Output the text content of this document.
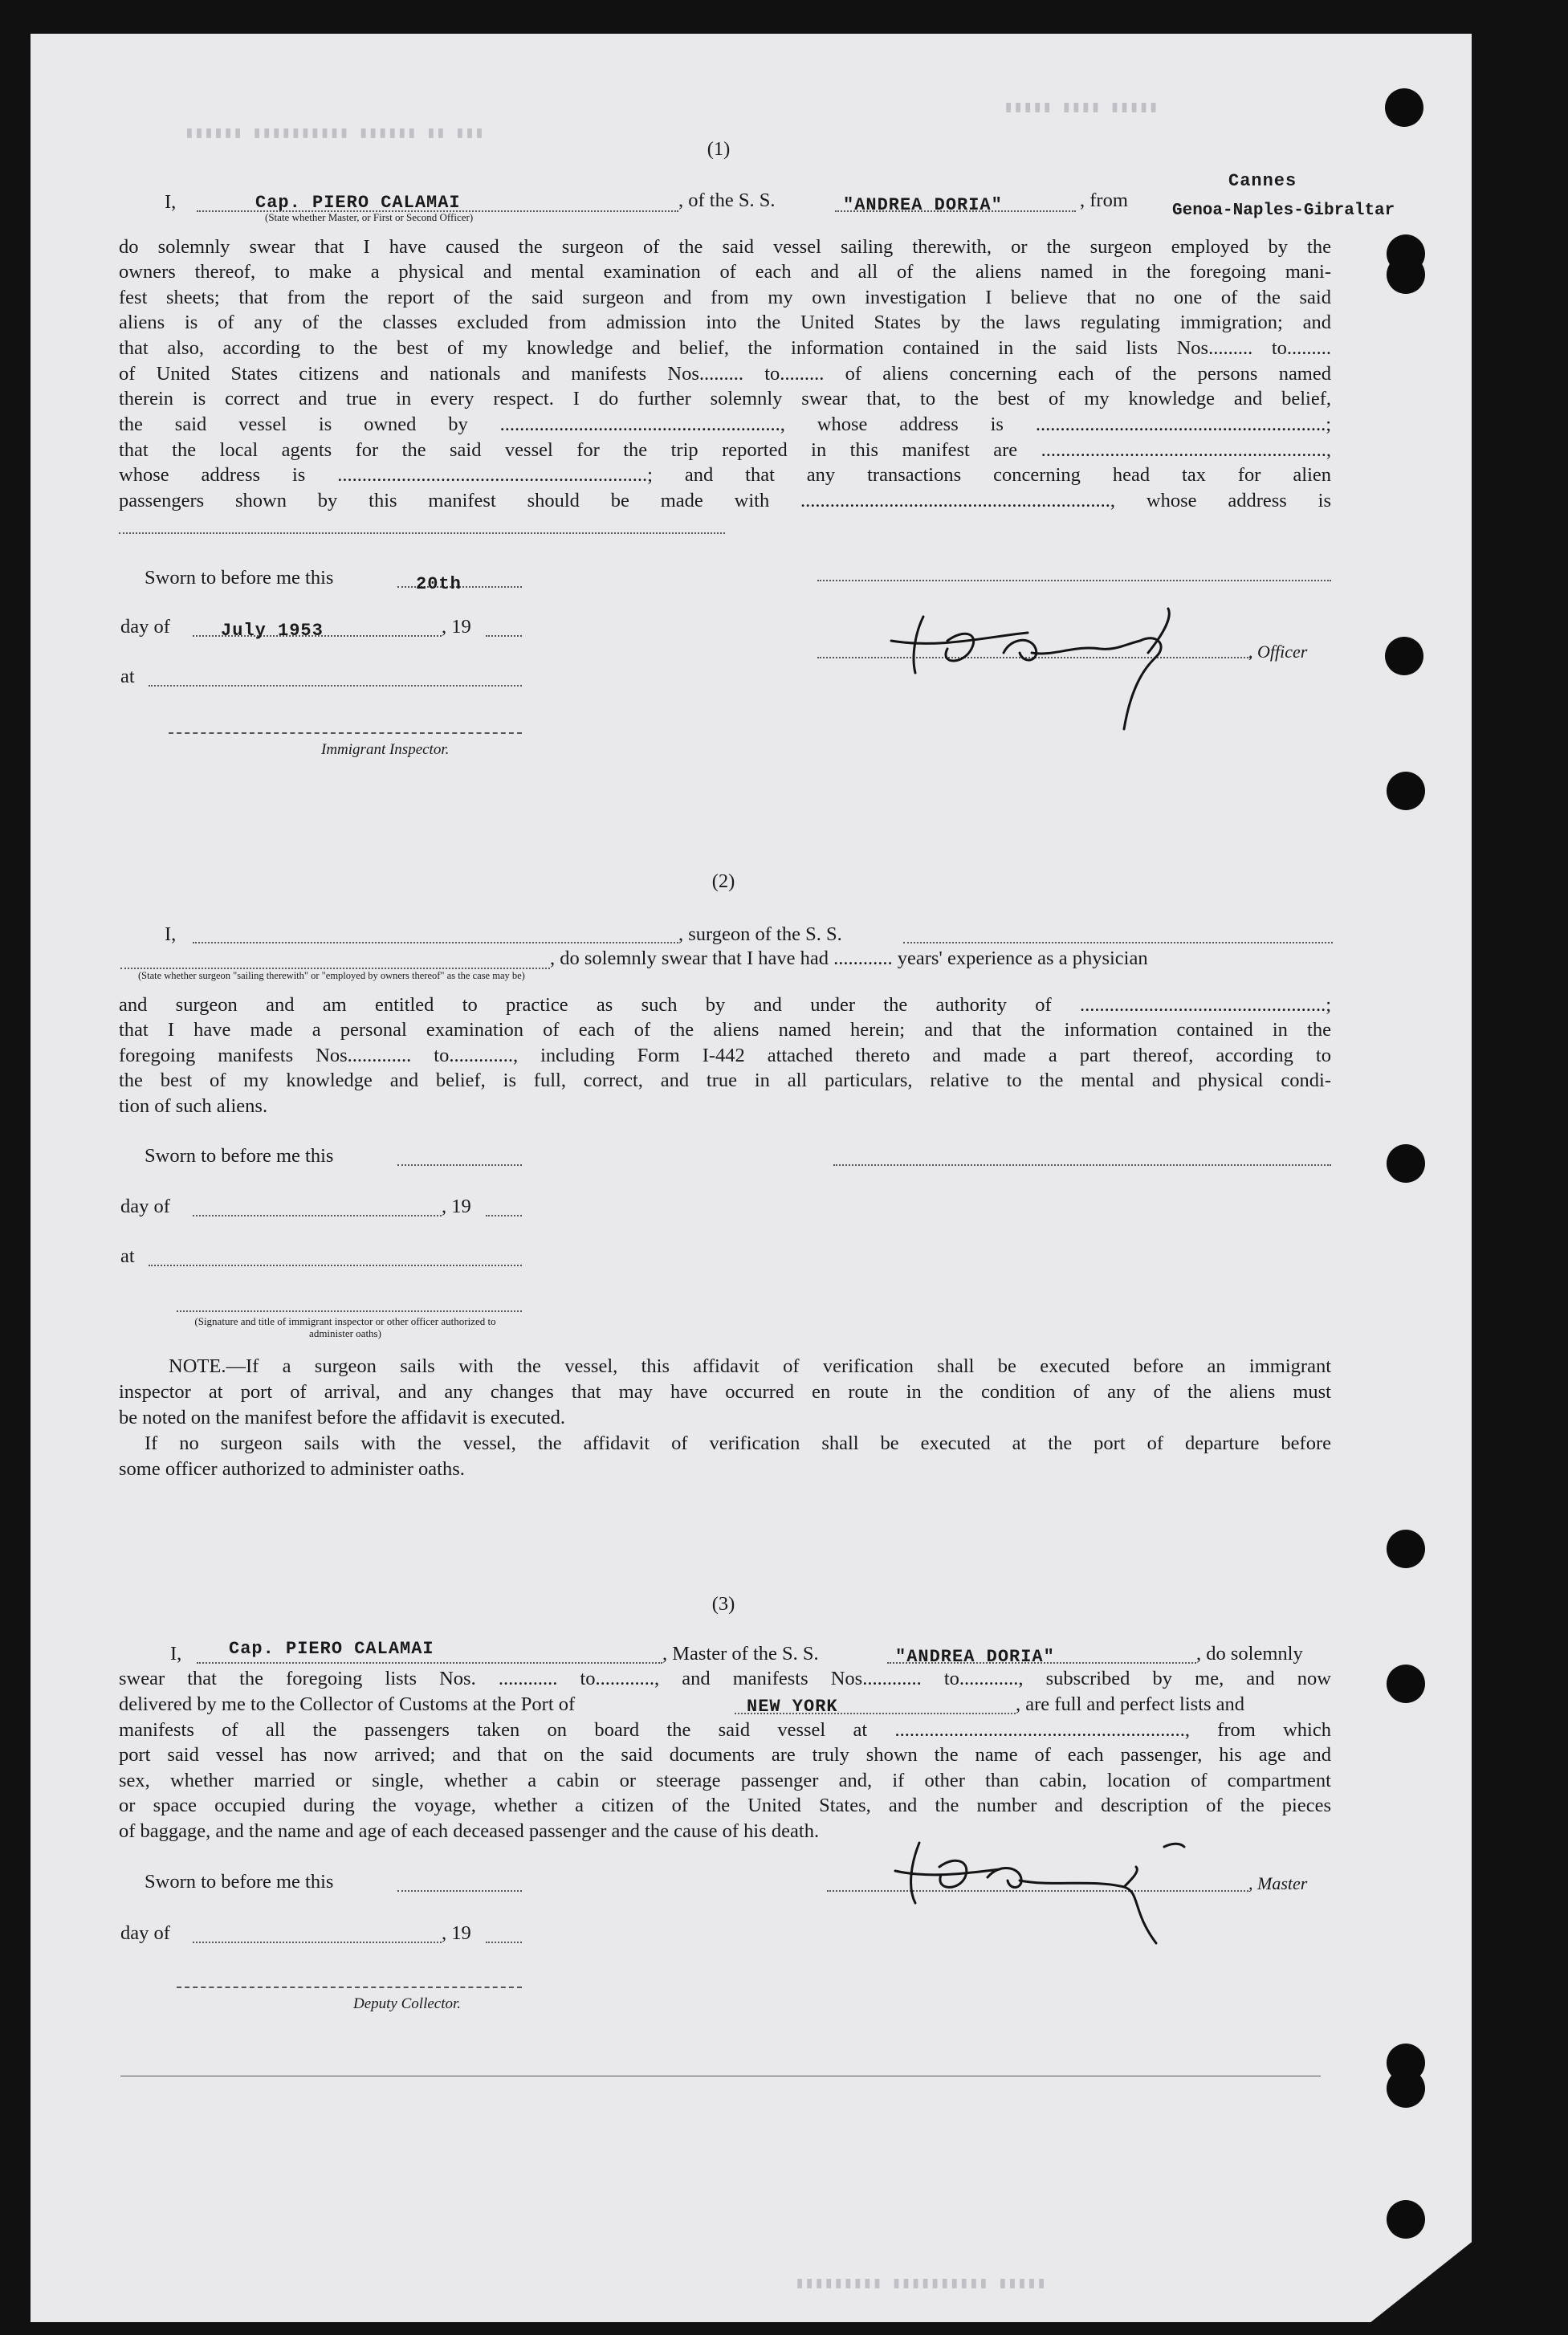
▮▮▮ ▮▮ ▮▮▮▮▮▮ ▮▮▮▮▮▮▮▮▮▮ ▮▮▮▮▮▮
▮▮▮▮▮ ▮▮▮▮ ▮▮▮▮▮
▮▮▮▮▮▮▮▮▮ ▮▮▮▮▮▮▮▮▮▮ ▮▮▮▮▮
(1)
I,	Cap. PIERO CALAMAI
(State whether Master, or First or Second Officer)
, of the S. S.	"ANDREA DORIA"	, from
Cannes
Genoa-Naples-Gibraltar
do solemnly swear that I have caused the surgeon of the said vessel sailing therewith, or the surgeon employed by the
owners thereof, to make a physical and mental examination of each and all of the aliens named in the foregoing mani-
fest sheets; that from the report of the said surgeon and from my own investigation I believe that no one of the said
aliens is of any of the classes excluded from admission into the United States by the laws regulating immigration; and
that also, according to the best of my knowledge and belief, the information contained in the said lists Nos......... to.........
of United States citizens and nationals and manifests Nos......... to......... of aliens concerning each of the persons named
therein is correct and true in every respect. I do further solemnly swear that, to the best of my knowledge and belief,
the said vessel is owned by ........................................................., whose address is ...........................................................;
that the local agents for the said vessel for the trip reported in this manifest are ..........................................................,
whose address is ...............................................................; and that any transactions concerning head tax for alien
passengers shown by this manifest should be made with ..............................................................., whose address is
Sworn to before me this	20th
day of	July 1953	, 19
at
Immigrant Inspector.
, Officer
(2)
I,	, surgeon of the S. S.
, do solemnly swear that I have had ............ years' experience as a physician
(State whether surgeon "sailing therewith" or "employed by owners thereof" as the case may be)
and surgeon and am entitled to practice as such by and under the authority of ..................................................;
that I have made a personal examination of each of the aliens named herein; and that the information contained in the
foregoing manifests Nos............. to............., including Form I-442 attached thereto and made a part thereof, according to
the best of my knowledge and belief, is full, correct, and true in all particulars, relative to the mental and physical condi-
tion of such aliens.
Sworn to before me this
day of	, 19
at
(Signature and title of immigrant inspector or other officer authorized to administer oaths)
NOTE.—If a surgeon sails with the vessel, this affidavit of verification shall be executed before an immigrant
inspector at port of arrival, and any changes that may have occurred en route in the condition of any of the aliens must
be noted on the manifest before the affidavit is executed.
If no surgeon sails with the vessel, the affidavit of verification shall be executed at the port of departure before
some officer authorized to administer oaths.
(3)
I,	Cap. PIERO CALAMAI	, Master of the S. S.	"ANDREA DORIA"	, do solemnly
swear that the foregoing lists Nos. ............ to............, and manifests Nos............ to............, subscribed by me, and now
delivered by me to the Collector of Customs at the Port of	NEW YORK	, are full and perfect lists and
manifests of all the passengers taken on board the said vessel at ..........................................................., from which
port said vessel has now arrived; and that on the said documents are truly shown the name of each passenger, his age and
sex, whether married or single, whether a cabin or steerage passenger and, if other than cabin, location of compartment
or space occupied during the voyage, whether a citizen of the United States, and the number and description of the pieces
of baggage, and the name and age of each deceased passenger and the cause of his death.
Sworn to before me this	, Master
day of	, 19
Deputy Collector.
